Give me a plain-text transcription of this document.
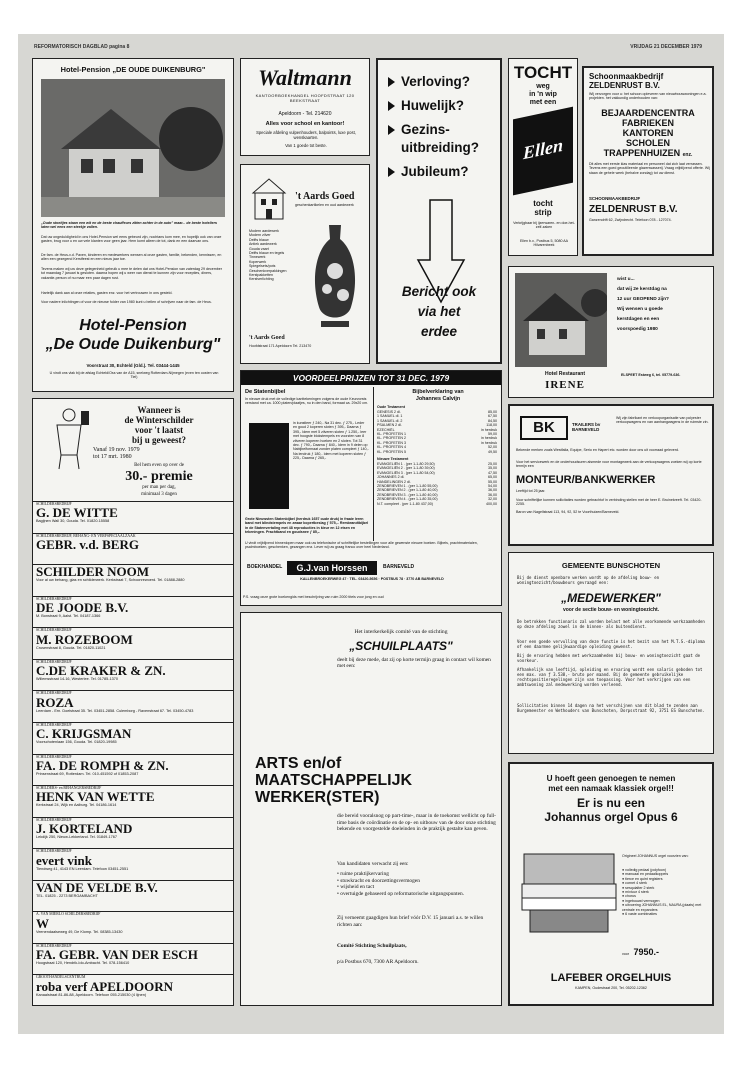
REFORMATORISCH DAGBLAD pagina 8	VRIJDAG 21 DECEMBER 1979
Hotel-Pension „DE OUDE DUIKENBURG"
„Oude stoeltjes staan een wit en de beste chauffeurs zitten achter in de auto" maar... de beste hoteliers laten wel eens een steekje vallen.
Dat uw ongeduldigheid in ons Hotel-Pension wel eens gebeurd zijn, nochtans kom mee, en hopelijk ook van onze gasten, brug voor u en uw vele klanten voor geen jaar. Hem komt alleen de tot, dank en een daarvan ons.
De fam. de Heus-v.d. Paven, kinderen en medewerkers wensen al onze gasten, familie, bekenden, kennissen, en allen een gezegend Kerstfeest en een nieuw jaar toe.
Tevens maken wij uw deze gelegenheid gebruik u mee te delen dat ons Hotel-Pension van zaterdag 29 december tot maandag 7 januari is gesloten. daarna hopen wij u weer van dienst te kunnen zijn voor recepties, diners, vakantie-person of nu maar een paar dagen rust.
Hartelijk dank aan al onze relaties, gasten enz. voor het vertrouwen in ons gesteld.
Voor nadere inlichtingen of voor de nieuwe folder van 1980 kunt u bellen of schrijven naar de fam. de Heus.
Hotel-Pension
„De Oude Duikenburg"
Voorstraat 30, Echteld (Gld.). Tel. 03444-1445
U vindt ons vlak bij de afslag Echteld/Oss van de A15, snelweg Rotterdam-Nijmegen (even ten oosten van Tiel)
Waltmann
KANTOORBOEKHANDEL HOOFDSTRAAT 120 BEEKSTRAAT
Apeldoorn - Tel. 214620
Alles voor school en kantoor!
Speciale afdeling vulpenhouders, balpoints, luxe post, wenskaarten.
Van 1 goede tot beste.
't Aards Goed
geschenkartikelen en oud aardewerk
Modern aardewerk
Modern zilver
Delfts blauw
Antiek aardewerk
Gouda vaart
Delfts blauw en tegels
Tinnewerk
Koperwerk
Spiegelsets/pots
Geschenkverpakkingen
Kerstpakketten
Kerstverlichting
't Aards Goed
Hoofdstraat 171 Apeldoorn Tel. 213470
Verloving?
Huwelijk?
Gezins-
uitbreiding?
Jubileum?
Bericht ook
via het
erdee
TOCHT
weg
in 'n wip
met een
Ellen
tocht
strip
Verkrijgbaar bij ijzerwaren- en doe-het-zelf-zaken
Ellen b.v., Postbus 5, 5080 AA Hilvarenbeek
Schoonmaakbedrijf
ZELDENRUST B.V.
Wij verzorgen voor u: het schoon opleveren van nieuwbouwwoningen e.a. projekten. het vakkundig onderhouden van:
BEJAARDENCENTRA
FABRIEKEN
KANTOREN
SCHOLEN
TRAPPENHUIZEN enz.
Dit alles met eerste klas materiaal en personeel dat zich laat verrassen. Tevens een goed geoutilleerde glazenwasserij. Vraag vrijblijvend offerte. Wij staan de gehele week (behalve zondag) tot uw dienst.
SCHOONMAAKBEDRIJF
ZELDENRUST B.V.
Ganzendrift 62, Zwijndrecht. Telefoon 078 - 127074.
wist u...
dat wij 2e kerstdag na
12 uur GEOPEND zijn?
Wij wensen u goede
kerstdagen en een
voorspoedig 1980
Hotel Restaurant
IRENE
ELSPEET Estweg 6, tel. 05779-636.
VOORDEELPRIJZEN TOT 31 DEC. 1979
De Statenbijbel
In nieuwe druk met de volledige kanttekeningen volgens de oude Keurvorsts verstand met ca. 1000 platen/plaatjes, nu in den band, formaat ca. 29x20 cm.
in kunstleer ƒ 240,- Na 31 dec. ƒ 275,- Leder en goud 2 koperen sloten ƒ 395,- Daarna ƒ 395,- Idem met 5 zilveren sloten ƒ 1.250,- leer met hoogste blokstempels en voorzien van 8 zilveren koperen hoeken en 2 sloten. Tot 31 dec. ƒ 790,- Daarna ƒ 840,- Idem in 9 delen op Nabijbelformaat zonder platen compleet ƒ 140,- Na lendruk ƒ 180,- Idem met koperen sloten ƒ 225,- Daarna ƒ 265,-
Grote Nieuwsten Statenbijbel (herdruk 1657 oude druk) in fraaie leren band met blindstempels en zwaar kopertbeslag ƒ 575,-. Rembrandtbijbel in de Statenvertaling met 48 reproducties in kleur en 12 etsen en tekeningen. Prachtband en goudsnee ƒ 85,-.
Bijbelverklaring van
Johannes Calvijn
Oude Testament
GENESIS 2 dl.	85,00
1 SAMUEL dl. 1	67,50
1 SAMUEL dl. 2	84,50
PSALMEN 2 dl.	118,00
EZECHIËL	in herdruk
KL. PROFETEN 1	59,00
KL. PROFETEN 2	in herdruk
KL. PROFETEN 3	in herdruk
KL. PROFETEN 4	52,00
KL. PROFETEN 5	49,50
Nieuwe Testament
EVANGELIËN 1 . (per 1-1-80 29,50)	25,00
EVANGELIËN 2 . (per 1-1-80 39,00)	35,00
EVANGELIËN 3 . (per 1-1-80 54,00)	47,50
JOHANNES 2 dl.	65,00
HANDELINGEN 2 dl.	55,00
ZENDBRIEVEN 1 . (per 1-1-80 55,00)	54,00
ZENDBRIEVEN 2 . (per 1-1-80 40,00)	36,00
ZENDBRIEVEN 3 . (per 1-1-80 40,00)	36,00
ZENDBRIEVEN 4 . (per 1-1-80 35,00)	32,00
N.T. compleet . (per 1-1-80 437,00)	400,00
U vindt vrijblijvend binnenlopen maar ook uw telefonische of schriftelijke bestellingen voor alle gewenste nieuwe boeken. Bijbels, prachtmaterialen, psalmboeken, geschenken, gezangen enz. Lever wij uw graag franco over heel Nederland.
BOEKHANDEL	G.J.van Horssen	BARNEVELD
KALLENBROEKERWEG 47 · TEL. 03420-5656 · POSTBUS 78 · 3770 AB BARNEVELD
P.S. vraag onze grote boekengids met beschrijving van ruim 2000 titels voor jong en oud
Wanneer is
de Winterschilder
voor 't laatst
bij u geweest?
Vanaf 19 nov. 1979
tot 17 mrt. 1980
Bel hem even op over de
30.- premie
per man per dag,
minimaal 3 dagen
SCHILDERSBEDRIJF
G. DE WITTE
Bagijnen Wall 30, Gouda. Tel. 01820-15558
SCHILDERSBEDRIJF, BEHANG- EN VERFSPECIAALZAAK
GEBR. v.d. BERG
SCHILDER NOOM
Voor al uw behang, glas en schilderwerk. Kerkstraat 7, Schoonrewoerd. Tel. 01888-2880
SCHILDERSBEDRIJF
DE JOODE B.V.
M. Bonstraat 9, Aalst. Tel. 04187-1366
SCHILDERSBEDRIJF
M. ROZEBOOM
Crusenstraat 8, Gouda. Tel. 01820-11021
SCHILDERSBEDRIJF
C.DE KRAKER & ZN.
Willemsstraat 14-16, Westerlee. Tel. 01785-1370
SCHILDERSBEDRIJF
ROZA
Leerdam - Ern. Doelstraat 35. Tel. 03451-2858. Culemborg - Ravenstraat 67. Tel. 03450-4783
SCHILDERSBEDRIJF
C. KRIJGSMAN
Voorschotenlaan 156, Gouda. Tel. 01820-19985
SCHILDERSBEDRIJF
FA. DE ROMPH & ZN.
Prinsenstraat 69, Rotterdam. Tel. 010-451592 of 01853-2087
SCHILDERS- en BEHANGERSBEDRIJF
HENK VAN WETTE
Kerkstraat 24, Wijk en Aalburg. Tel. 04186-1614
SCHILDERSBEDRIJF
J. KORTELAND
Lekdijk 250, Nieuw-Lekkerland. Tel. 01849-1767
SCHILDERSBEDRIJF
evert vink
Tiendweg 41, 4143 EN Leerdam. Telefoon 03451-2551
VAN DE VELDE B.V.
TEL. 01825 - 2273 BERGAMBACHT
A. VAN MIERLO SCHILDERSBEDRIJF
W
Veenendaalseweg 49, De Klomp. Tel. 08385-13430
SCHILDERSBEDRIJF
FA. GEBR. VAN DER ESCH
Hoogstraat 120, Hendrik-Ido-Ambacht. Tel. 078-156410
GROOTHANDELSCENTRUM
roba verf APELDOORN
Kanaalstraat 81-86-88, Apeldoorn. Telefoon 055-215030 (4 lijnen)
Het interkerkelijk comité van de stichting
„SCHUILPLAATS"
deelt bij deze mede, dat zij op korte termijn graag in contact wil komen met een:
ARTS en/of
MAATSCHAPPELIJK
WERKER(STER)
die bereid vooralsnog op part-time-, maar in de toekomst wellicht op full-time basis de coördinatie en de op- en uitbouw van de door onze stichting bekende en voorgestelde doeleinden in de praktijk gestalte kan geven.
Van kandidaten verwacht zij een:
• ruime praktijkervaring
• stuwkracht en doorzettingsvermogen
• wijsheid en tact
• overtuigde gebaseerd op reformatorische uitgangspunten.
Zij verneemt gaagdigen hun brief vóór D.V. 15 januari a.s. te willen richten aan:
Comité Stichting Schuilplaats,
p/a Postbus 670, 7300 AR Apeldoorn.
BK	TRAILERS bv BARNEVELD
Wij zijn fabrikant en verkooporganisatie van polyester verkoopwagens en van aanhangwagens in de ruimste zin.
Bekende merken zoals Westfalia, Equipe, Serio en Hapert etc. worden door ons uit voorraad geleverd.
Voor het servicewerk en de onderhoudsuren alsmede voor montagewerk aan de verkoopwagens zoeken wij op korte termijn een
MONTEUR/BANKWERKER
Leeftijd tot 25 jaar.
Voor schriftelijke kunnen sollicitaties worden gebrachtof in verbinding stellen met de heer E. Bruinekreeft. Tel. 03420-2255.
Baron van Nagellstraat 113, 94, 92, 52 te Voorthuizen/Barneveld.
GEMEENTE BUNSCHOTEN
Bij de dienst openbare werken wordt op de afdeling bouw- en woningtoezicht/bouwbeurs gevraagd een:
„MEDEWERKER"
voor de sectie bouw- en woningtoezicht.
De betrokken functionaris zal worden belast met alle voorkomende werkzaamheden op deze afdeling zowel in de binnen- als buitendienst.
Voor een goede vervulling van deze functie is het bezit van het M.T.S.-diploma of een daarmee gelijkwaardige opleiding gewenst.
Bij de ervaring hebben met werkzaamheden bij bouw- en woningtoezicht gaat de voorkeur.
Afhankelijk van leeftijd, opleiding en ervaring wordt een salaris geboden tot een max. van ƒ 3.538,- bruto per maand. Bij de gemeente gebruikelijke rechtspositieregelingen zijn van toepassing. Voor het verkrijgen van een ambtswoning zal medewerking worden verleend.
Sollicitaties binnen 14 dagen na het verschijnen van dit blad te zenden aan Burgemeester en Wethouders van Bunschoten, Dorpsstraat 92, 3751 ES Bunschoten.
U hoeft geen genoegen te nemen
met een namaak klassiek orgel!!
Er is nu een
Johannus orgel Opus 6
Origineel JOHANNUS orgel voorzien van:
● volledig pedaal (polyfoon)
● manuaal en pedaalkoppels
● tierce en quint registers
● cornet 4 sterk
● sesquialter 2 sterk
● mixtuur 4 sterk
● chorus
● ingebouwd vermogen
● uitvoering JOHANNUS EL, NAURA (plaats) met centrale en expanders
● 6 vaste combinaties
voor 7950.-
LAFEBER ORGELHUIS
KAMPEN, Oudestraat 200, Tel. 05202-12362
